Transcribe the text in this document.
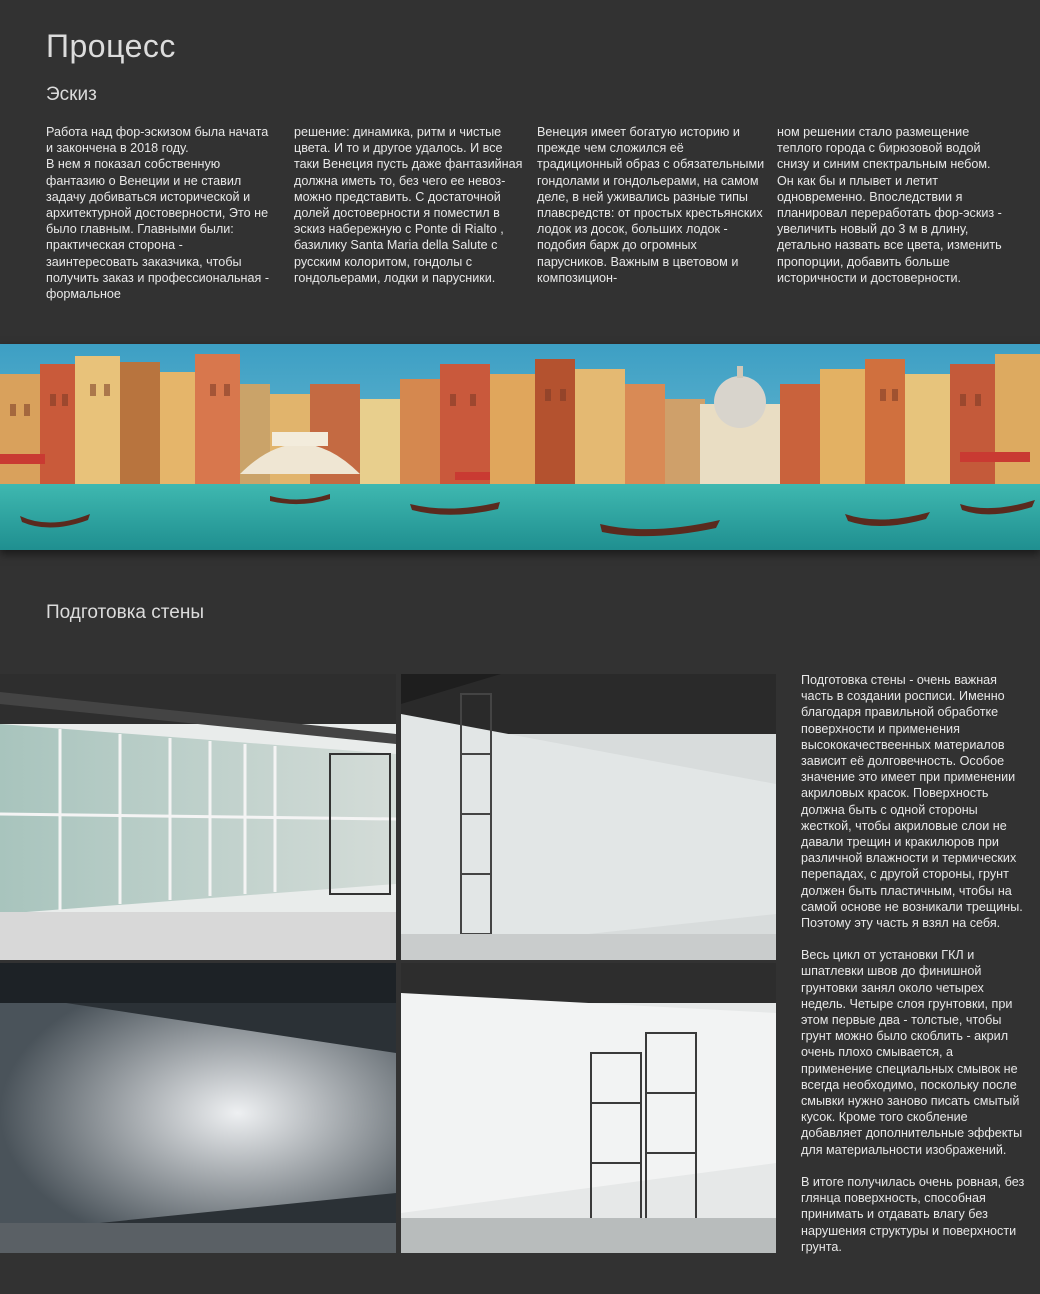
Процесс
Эскиз

Работа над фор-эскизом была начата и закончена в 2018 году.
В нем я показал собственную фантазию о Венеции и не ставил задачу добиваться исторической и архитектурной достоверности, Это не было главным. Главными были: практическая сторона - заинтересовать заказчика, чтобы получить заказ и профессиональная - формальное

решение: динамика, ритм и чистые цвета. И то и другое удалось. И все таки Венеция пусть даже фантазийная должна иметь то, без чего ее невоз-можно представить. С достаточной долей достоверности я поместил в эскиз набережную с Ponte di Rialto , базилику Santa Maria della Salute с русским колоритом, гондолы с гондольерами, лодки и парусники.

Венеция имеет богатую историю и прежде чем сложился её традиционный образ с обязательными гондолами и гондольерами, на самом деле, в ней уживались разные типы плавсредств: от простых крестьянских лодок из досок, больших лодок - подобия барж до огромных парусников. Важным в цветовом и композицион-

ном решении стало размещение теплого города с бирюзовой водой снизу и синим спектральным небом. Он как бы и плывет и летит одновременно. Впоследствии я планировал переработать фор-эскиз - увеличить новый до 3 м в длину, детально назвать все цвета, изменить пропорции, добавить больше историчности и достоверности.

Подготовка стены

Подготовка стены - очень важная часть в создании росписи. Именно благодаря правильной обработке поверхности и применения высококачествеенных материалов зависит её долговечность. Особое значение это имеет при применении акриловых красок. Поверхность должна быть с одной стороны жесткой, чтобы акриловые слои не давали трещин и кракилюров при различной влажности и термических перепадах, с другой стороны, грунт должен быть пластичным, чтобы на самой основе не возникали трещины. Поэтому эту часть я взял на себя.

Весь цикл от установки ГКЛ и шпатлевки швов до финишной грунтовки занял около четырех недель. Четыре слоя грунтовки, при этом первые два - толстые, чтобы грунт можно было скоблить - акрил очень плохо смывается, а применение специальных смывок не всегда необходимо, поскольку после смывки нужно заново писать смытый кусок. Кроме того скобление добавляет дополнительные эффекты для материальности изображений.

В итоге получилась очень ровная, без глянца поверхность, способная принимать и отдавать влагу без нарушения структуры и поверхности грунта.
